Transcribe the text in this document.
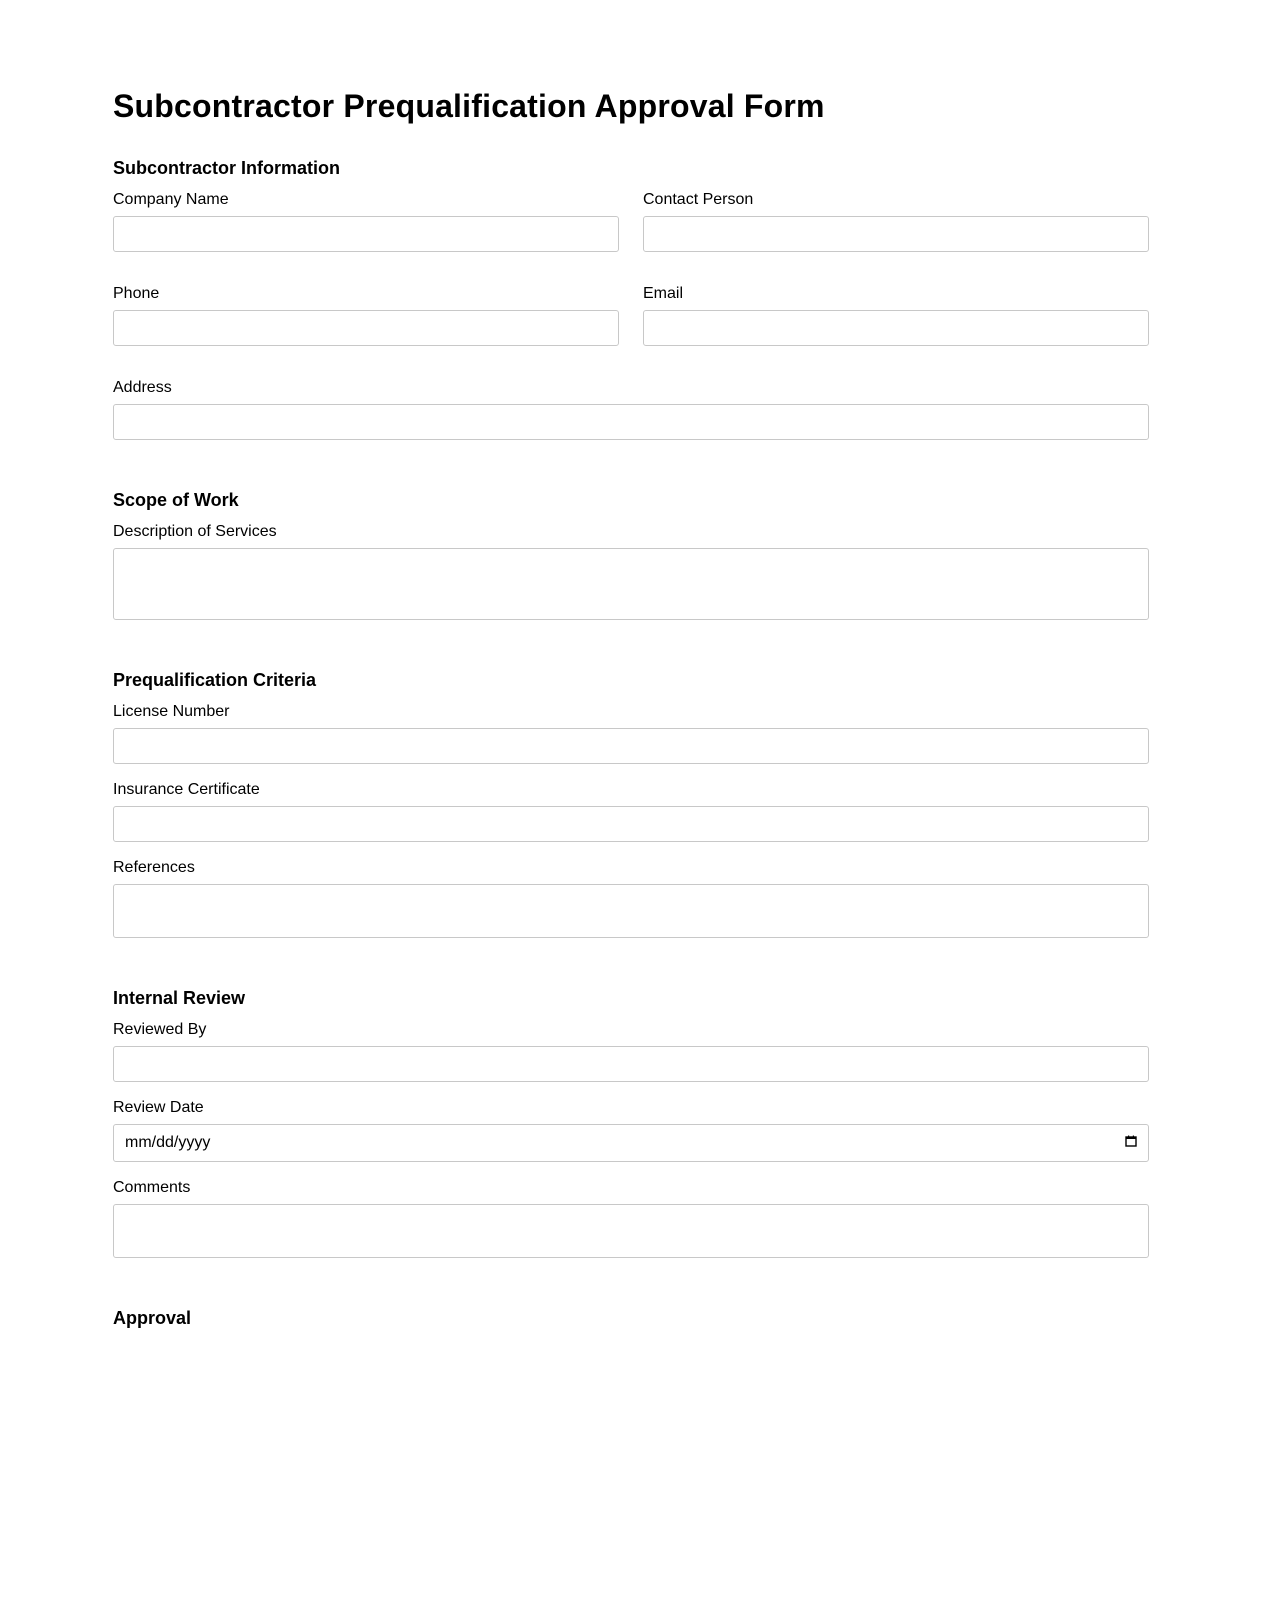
Subcontractor Prequalification Approval Form
Subcontractor Information
Company Name	Contact Person
Phone	Email
Address
Scope of Work
Description of Services
Prequalification Criteria
License Number
Insurance Certificate
References
Internal Review
Reviewed By
Review Date
mm/dd/yyyy
Comments
Approval
